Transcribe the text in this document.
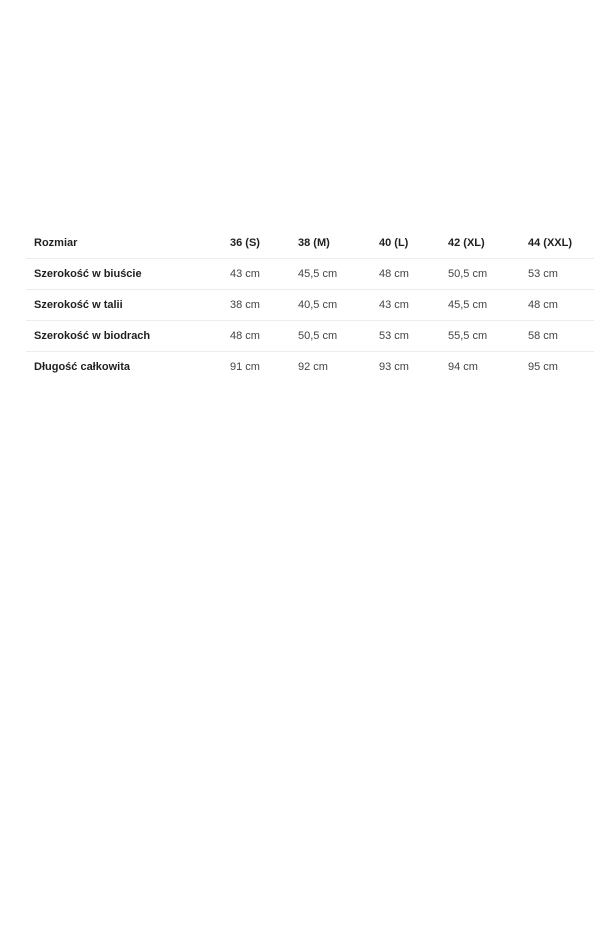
Rozmiar	36 (S)	38 (M)	40 (L)	42 (XL)	44 (XXL)
Szerokość w biuście	43 cm	45,5 cm	48 cm	50,5 cm	53 cm
Szerokość w talii	38 cm	40,5 cm	43 cm	45,5 cm	48 cm
Szerokość w biodrach	48 cm	50,5 cm	53 cm	55,5 cm	58 cm
Długość całkowita	91 cm	92 cm	93 cm	94 cm	95 cm
